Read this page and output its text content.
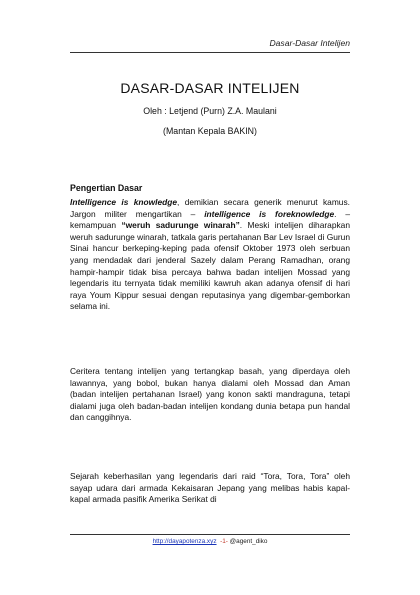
Dasar-Dasar Intelijen
DASAR-DASAR INTELIJEN
Oleh : Letjend (Purn) Z.A. Maulani
(Mantan Kepala BAKIN)
Pengertian Dasar
Intelligence is knowledge, demikian secara generik menurut kamus. Jargon militer mengartikan – intelligence is foreknowledge. – kemampuan “weruh sadurunge winarah”. Meski intelijen diharapkan weruh sadurunge winarah, tatkala garis pertahanan Bar Lev Israel di Gurun Sinai hancur berkeping-keping pada ofensif Oktober 1973 oleh serbuan yang mendadak dari jenderal Sazely dalam Perang Ramadhan, orang hampir-hampir tidak bisa percaya bahwa badan intelijen Mossad yang legendaris itu ternyata tidak memiliki kawruh akan adanya ofensif di hari raya Youm Kippur sesuai dengan reputasinya yang digembar-gemborkan selama ini.
Ceritera tentang intelijen yang tertangkap basah, yang diperdaya oleh lawannya, yang bobol, bukan hanya dialami oleh Mossad dan Aman (badan intelijen pertahanan Israel) yang konon sakti mandraguna, tetapi dialami juga oleh badan-badan intelijen kondang dunia betapa pun handal dan canggihnya.
Sejarah keberhasilan yang legendaris dari raid “Tora, Tora, Tora” oleh sayap udara dari armada Kekaisaran Jepang yang melibas habis kapal-kapal armada pasifik Amerika Serikat di
http://dayapotenza.xyz -1- @agent_diko
